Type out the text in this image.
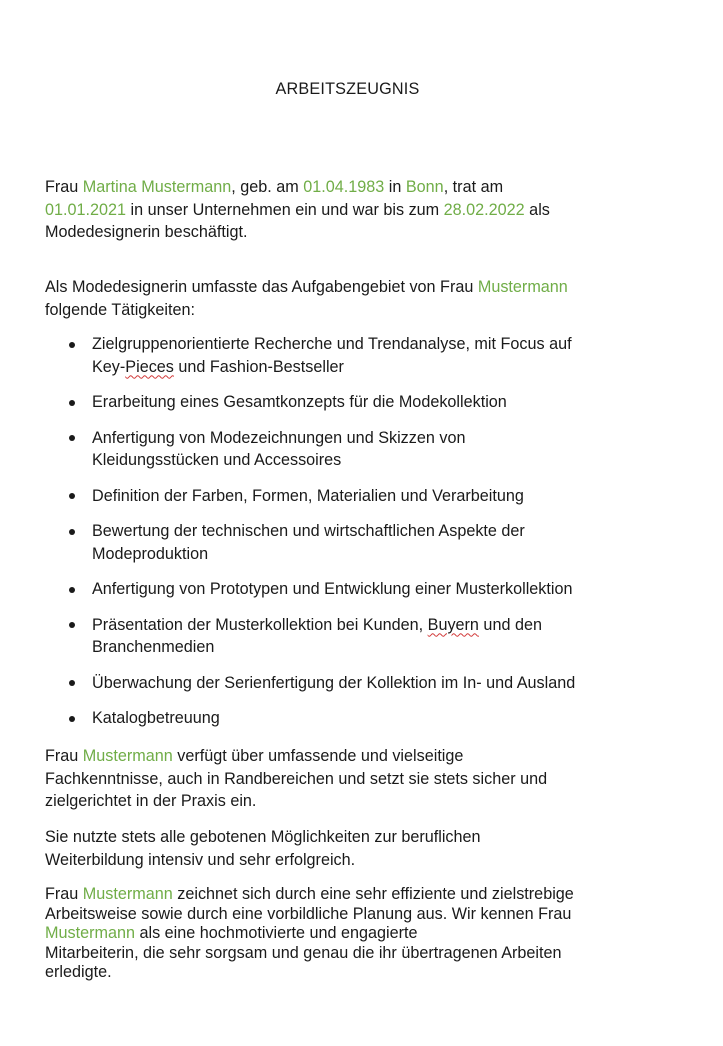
ARBEITSZEUGNIS

Frau Martina Mustermann, geb. am 01.04.1983 in Bonn, trat am
01.01.2021 in unser Unternehmen ein und war bis zum 28.02.2022 als
Modedesignerin beschäftigt.

Als Modedesignerin umfasste das Aufgabengebiet von Frau Mustermann
folgende Tätigkeiten:

Zielgruppenorientierte Recherche und Trendanalyse, mit Focus auf
Key-Pieces und Fashion-Bestseller
Erarbeitung eines Gesamtkonzepts für die Modekollektion
Anfertigung von Modezeichnungen und Skizzen von
Kleidungsstücken und Accessoires
Definition der Farben, Formen, Materialien und Verarbeitung
Bewertung der technischen und wirtschaftlichen Aspekte der
Modeproduktion
Anfertigung von Prototypen und Entwicklung einer Musterkollektion
Präsentation der Musterkollektion bei Kunden, Buyern und den
Branchenmedien
Überwachung der Serienfertigung der Kollektion im In- und Ausland
Katalogbetreuung

Frau Mustermann verfügt über umfassende und vielseitige
Fachkenntnisse, auch in Randbereichen und setzt sie stets sicher und
zielgerichtet in der Praxis ein.

Sie nutzte stets alle gebotenen Möglichkeiten zur beruflichen
Weiterbildung intensiv und sehr erfolgreich.

Frau Mustermann zeichnet sich durch eine sehr effiziente und zielstrebige
Arbeitsweise sowie durch eine vorbildliche Planung aus. Wir kennen Frau
Mustermann als eine hochmotivierte und engagierte
Mitarbeiterin, die sehr sorgsam und genau die ihr übertragenen Arbeiten
erledigte.
